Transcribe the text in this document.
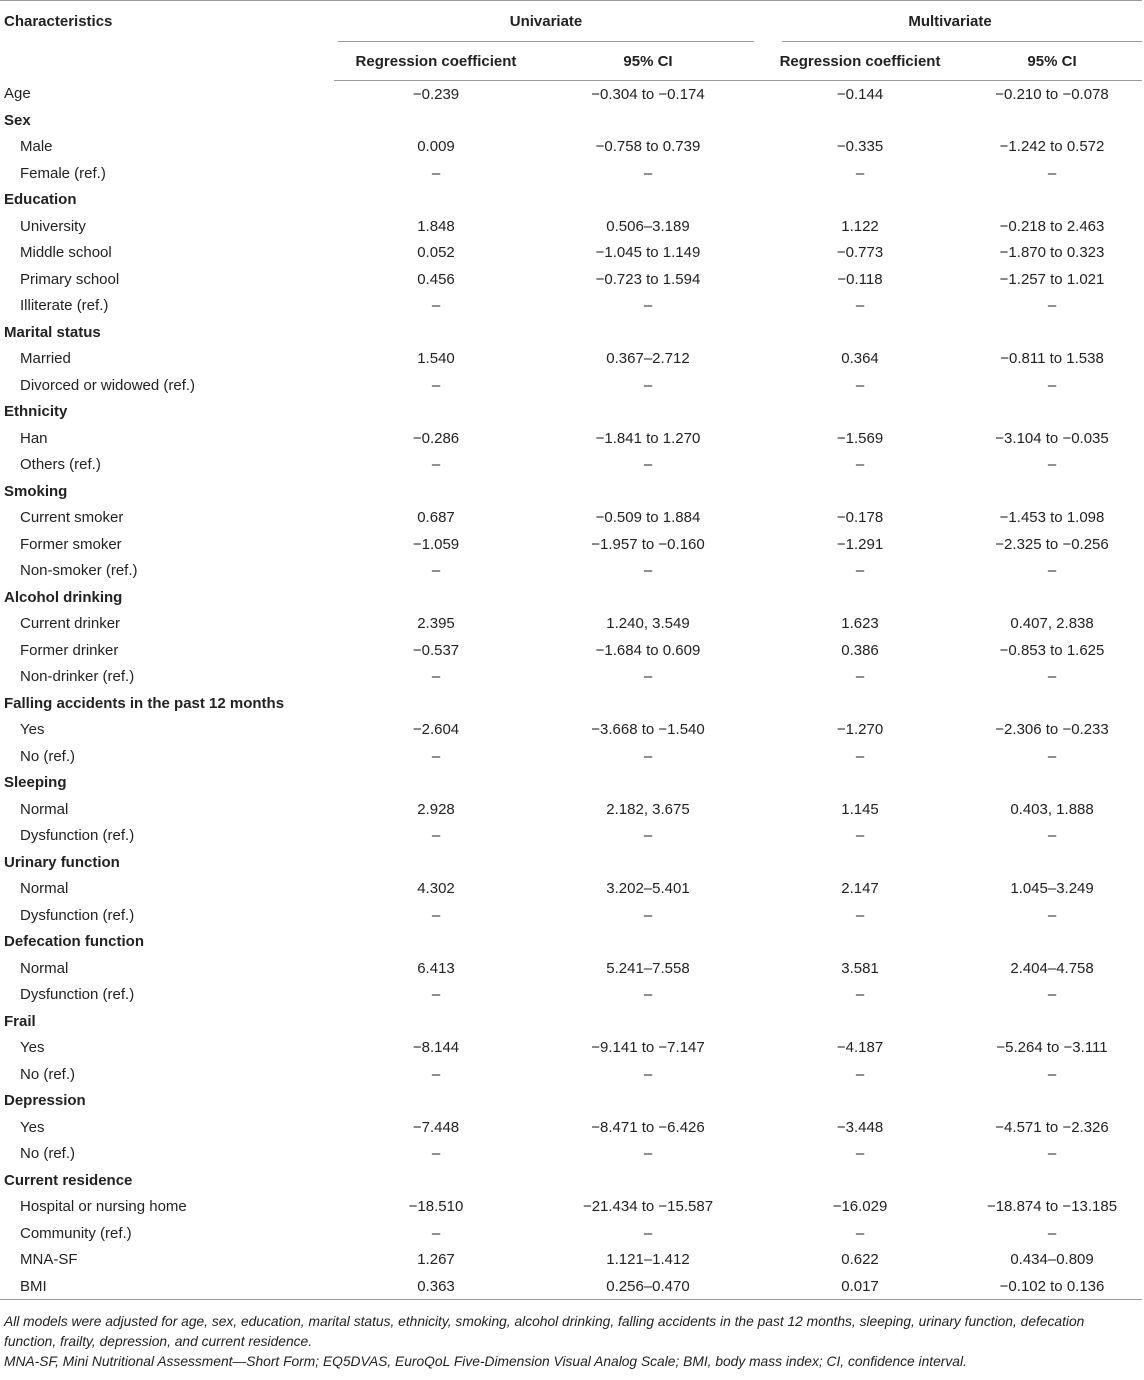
Characteristics	Univariate		Multivariate	

	Regression coefficient	95% CI	Regression coefficient	95% CI
Age	−0.239	−0.304 to −0.174	−0.144	−0.210 to −0.078
Sex				
Male	0.009	−0.758 to 0.739	−0.335	−1.242 to 0.572
Female (ref.)	–	–	–	–
Education				
University	1.848	0.506–3.189	1.122	−0.218 to 2.463
Middle school	0.052	−1.045 to 1.149	−0.773	−1.870 to 0.323
Primary school	0.456	−0.723 to 1.594	−0.118	−1.257 to 1.021
Illiterate (ref.)	–	–	–	–
Marital status				
Married	1.540	0.367–2.712	0.364	−0.811 to 1.538
Divorced or widowed (ref.)	–	–	–	–
Ethnicity				
Han	−0.286	−1.841 to 1.270	−1.569	−3.104 to −0.035
Others (ref.)	–	–	–	–
Smoking				
Current smoker	0.687	−0.509 to 1.884	−0.178	−1.453 to 1.098
Former smoker	−1.059	−1.957 to −0.160	−1.291	−2.325 to −0.256
Non-smoker (ref.)	–	–	–	–
Alcohol drinking				
Current drinker	2.395	1.240, 3.549	1.623	0.407, 2.838
Former drinker	−0.537	−1.684 to 0.609	0.386	−0.853 to 1.625
Non-drinker (ref.)	–	–	–	–
Falling accidents in the past 12 months				
Yes	−2.604	−3.668 to −1.540	−1.270	−2.306 to −0.233
No (ref.)	–	–	–	–
Sleeping				
Normal	2.928	2.182, 3.675	1.145	0.403, 1.888
Dysfunction (ref.)	–	–	–	–
Urinary function				
Normal	4.302	3.202–5.401	2.147	1.045–3.249
Dysfunction (ref.)	–	–	–	–
Defecation function				
Normal	6.413	5.241–7.558	3.581	2.404–4.758
Dysfunction (ref.)	–	–	–	–
Frail				
Yes	−8.144	−9.141 to −7.147	−4.187	−5.264 to −3.111
No (ref.)	–	–	–	–
Depression				
Yes	−7.448	−8.471 to −6.426	−3.448	−4.571 to −2.326
No (ref.)	–	–	–	–
Current residence				
Hospital or nursing home	−18.510	−21.434 to −15.587	−16.029	−18.874 to −13.185
Community (ref.)	–	–	–	–
MNA-SF	1.267	1.121–1.412	0.622	0.434–0.809
BMI	0.363	0.256–0.470	0.017	−0.102 to 0.136

All models were adjusted for age, sex, education, marital status, ethnicity, smoking, alcohol drinking, falling accidents in the past 12 months, sleeping, urinary function, defecation function, frailty, depression, and current residence.

MNA-SF, Mini Nutritional Assessment—Short Form; EQ5DVAS, EuroQoL Five-Dimension Visual Analog Scale; BMI, body mass index; CI, confidence interval.
